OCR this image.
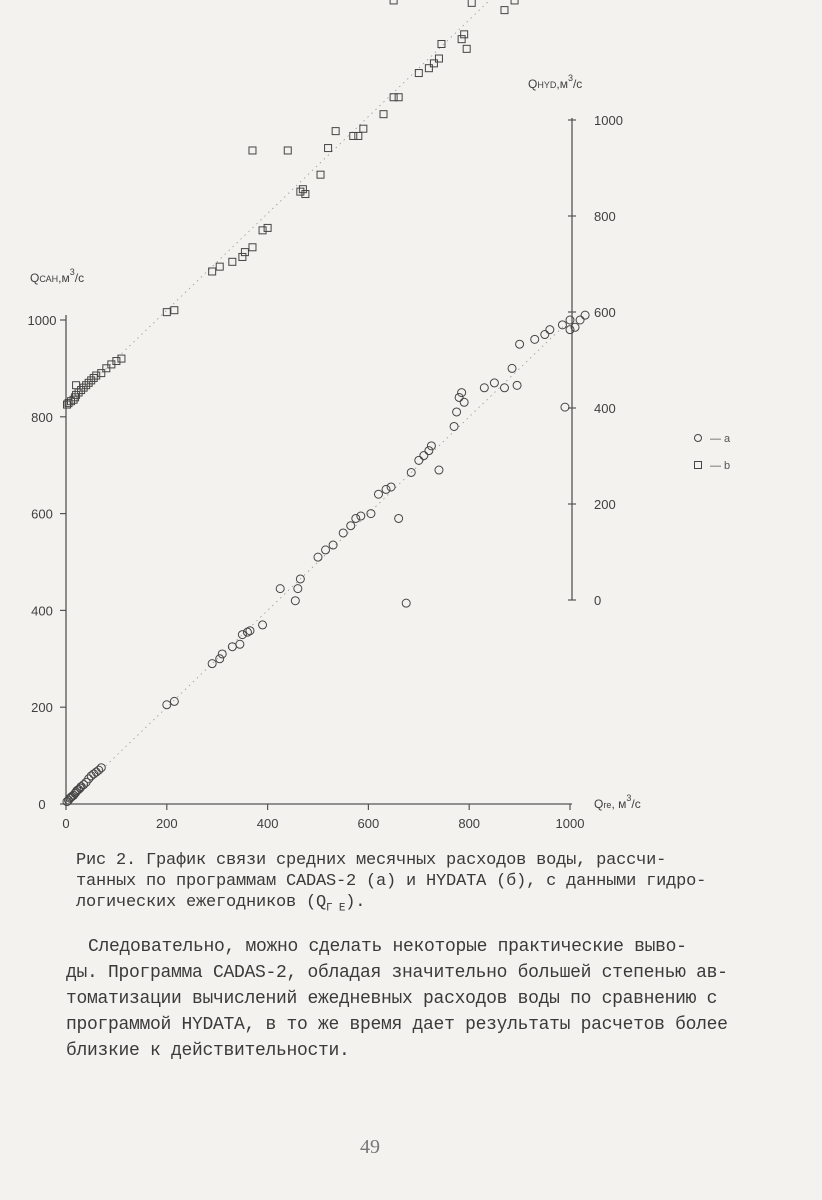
0
200
400
600
800
1000
0	200	400	600	800	1000
0
200
400
600
800
1000
— а
— b
$QСАН,м^3/с$
$QHYD,м^3/с$
Qге, $м^3/с$
Рис 2. График связи средних месячных расходов воды, рассчи-
танных по программам CADAS-2 (а) и HYDATA (б), с данными гидро-
логических ежегодников $(Q_{Г Е})$.
Следовательно, можно сделать некоторые практические выво-
ды. Программа CADAS-2, обладая значительно большей степенью ав-
томатизации вычислений ежедневных расходов воды по сравнению с
программой HYDATA, в то же время дает результаты расчетов более
близкие к действительности.
49
